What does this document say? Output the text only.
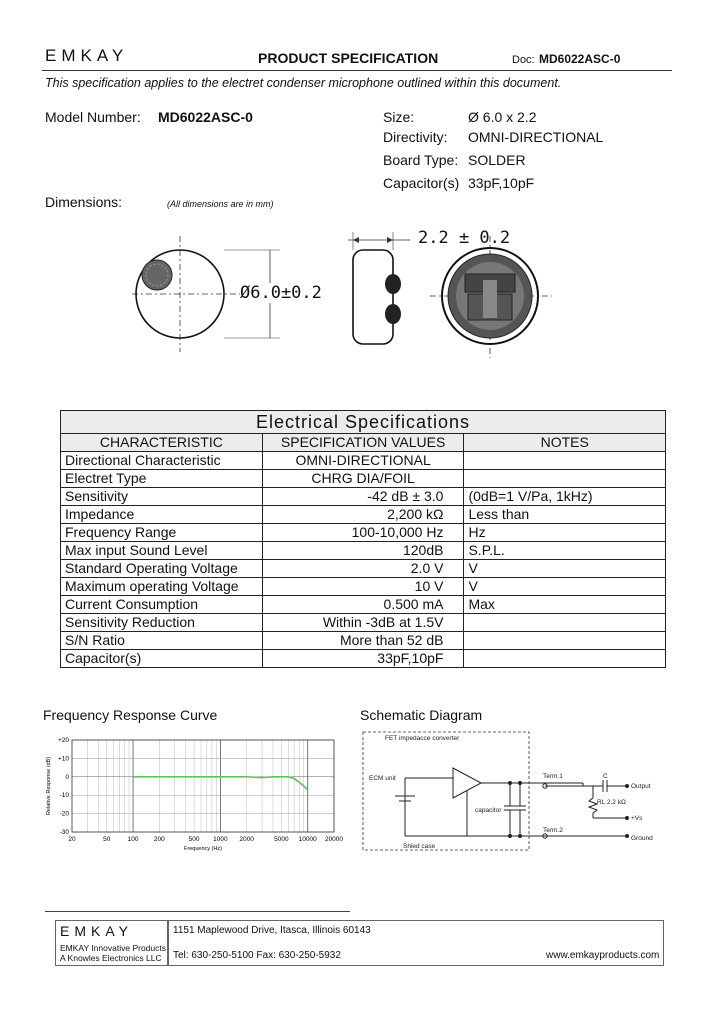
EMKAY	PRODUCT SPECIFICATION	Doc: MD6022ASC-0
This specification applies to the electret condenser microphone outlined within this document.
Model Number: MD6022ASC-0	Size:	Ø 6.0 x 2.2
Directivity: OMNI-DIRECTIONAL
Board Type: SOLDER
Capacitor(s) 33pF,10pF
Dimensions:	(All dimensions are in mm)
2.2 ± 0.2
Ø6.0±0.2
Electrical Specifications		
CHARACTERISTIC	SPECIFICATION VALUES	NOTES
Directional Characteristic	OMNI-DIRECTIONAL	
Electret Type	CHRG DIA/FOIL	
Sensitivity	-42 dB ± 3.0	(0dB=1 V/Pa, 1kHz)
Impedance	2,200 kΩ	Less than
Frequency Range	100-10,000 Hz	Hz
Max input Sound Level	120dB	S.P.L.
Standard Operating Voltage	2.0 V	V
Maximum operating Voltage	10 V	V
Current Consumption	0.500 mA	Max
Sensitivity Reduction	Within -3dB at 1.5V	
S/N Ratio	More than 52 dB	
Capacitor(s)	33pF,10pF	
Frequency Response Curve
+20
+10
0
-10
-20
-30
20	50	100 200	500 1000 2000	5000 10000 20000
Relative Response (dB)
Frequency (Hz)
Schematic Diagram
FET impedacce converter
ECM unit
capacitor
Shied case
Term.1
Term.2
C
RL 2.2 kΩ
Output
+Vs
Ground
EMKAY
EMKAY Innovative Products
A Knowles Electronics LLC
1151 Maplewood Drive, Itasca, Illinois 60143
Tel: 630-250-5100 Fax: 630-250-5932	www.emkayproducts.com
